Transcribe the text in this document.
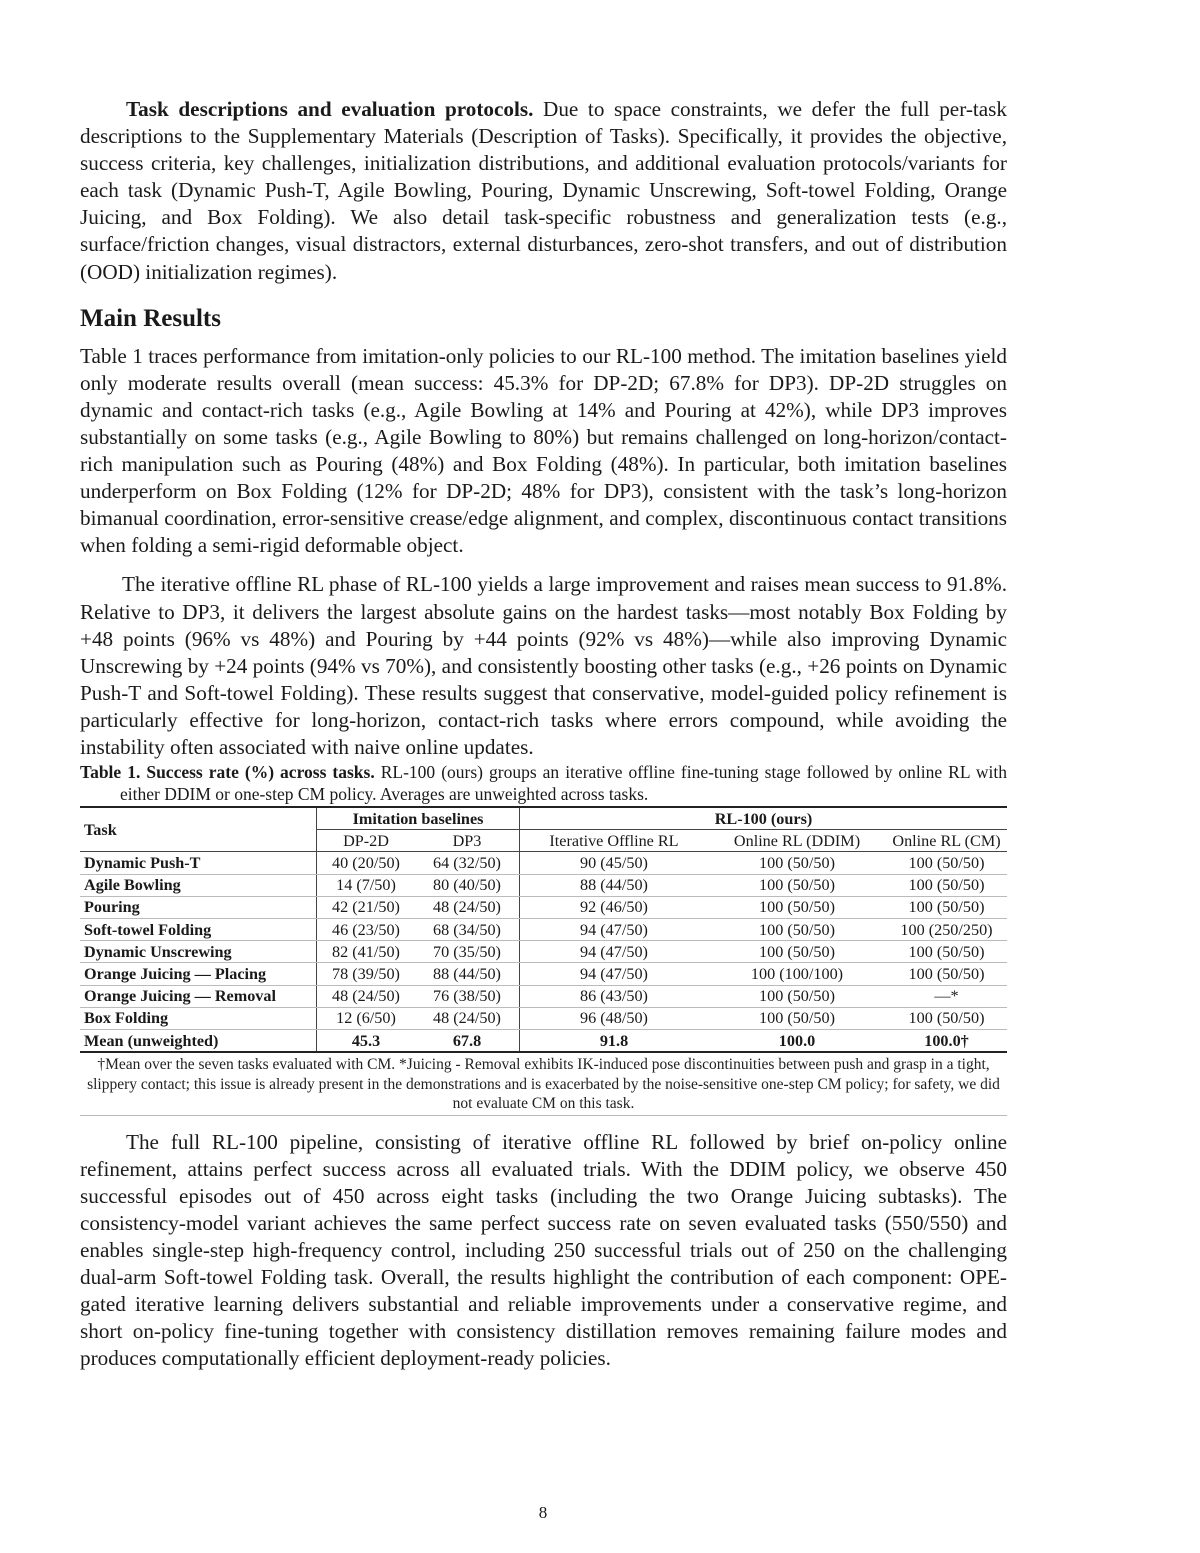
Task descriptions and evaluation protocols. Due to space constraints, we defer the full per-task descriptions to the Supplementary Materials (Description of Tasks). Specifically, it provides the objective, success criteria, key challenges, initialization distributions, and additional evaluation protocols/variants for each task (Dynamic Push-T, Agile Bowling, Pouring, Dynamic Unscrewing, Soft-towel Folding, Orange Juicing, and Box Folding). We also detail task-specific robustness and generalization tests (e.g., surface/friction changes, visual distractors, external disturbances, zero-shot transfers, and out of distribution (OOD) initialization regimes).

Main Results

Table 1 traces performance from imitation-only policies to our RL-100 method. The imitation baselines yield only moderate results overall (mean success: 45.3% for DP-2D; 67.8% for DP3). DP-2D struggles on dynamic and contact-rich tasks (e.g., Agile Bowling at 14% and Pouring at 42%), while DP3 improves substantially on some tasks (e.g., Agile Bowling to 80%) but remains challenged on long-horizon/contact-rich manipulation such as Pouring (48%) and Box Folding (48%). In particular, both imitation baselines underperform on Box Folding (12% for DP-2D; 48% for DP3), consistent with the task’s long-horizon bimanual coordination, error-sensitive crease/edge alignment, and complex, discontinuous contact transitions when folding a semi-rigid deformable object.

The iterative offline RL phase of RL-100 yields a large improvement and raises mean success to 91.8%. Relative to DP3, it delivers the largest absolute gains on the hardest tasks—most notably Box Folding by +48 points (96% vs 48%) and Pouring by +44 points (92% vs 48%)—while also improving Dynamic Unscrewing by +24 points (94% vs 70%), and consistently boosting other tasks (e.g., +26 points on Dynamic Push-T and Soft-towel Folding). These results suggest that conservative, model-guided policy refinement is particularly effective for long-horizon, contact-rich tasks where errors compound, while avoiding the instability often associated with naive online updates.

Table 1. Success rate (%) across tasks. RL-100 (ours) groups an iterative offline fine-tuning stage followed by online RL with either DDIM or one-step CM policy. Averages are unweighted across tasks.
Task	Imitation baselines		RL-100 (ours)		
	DP-2D	DP3	Iterative Offline RL	Online RL (DDIM)	Online RL (CM)
Dynamic Push-T	40 (20/50)	64 (32/50)	90 (45/50)	100 (50/50)	100 (50/50)
Agile Bowling	14 (7/50)	80 (40/50)	88 (44/50)	100 (50/50)	100 (50/50)
Pouring	42 (21/50)	48 (24/50)	92 (46/50)	100 (50/50)	100 (50/50)
Soft-towel Folding	46 (23/50)	68 (34/50)	94 (47/50)	100 (50/50)	100 (250/250)
Dynamic Unscrewing	82 (41/50)	70 (35/50)	94 (47/50)	100 (50/50)	100 (50/50)
Orange Juicing — Placing	78 (39/50)	88 (44/50)	94 (47/50)	100 (100/100)	100 (50/50)
Orange Juicing — Removal	48 (24/50)	76 (38/50)	86 (43/50)	100 (50/50)	—*
Box Folding	12 (6/50)	48 (24/50)	96 (48/50)	100 (50/50)	100 (50/50)
Mean (unweighted)	45.3	67.8	91.8	100.0	100.0†
†Mean over the seven tasks evaluated with CM. *Juicing - Removal exhibits IK-induced pose discontinuities between push and grasp in a tight, slippery contact; this issue is already present in the demonstrations and is exacerbated by the noise-sensitive one-step CM policy; for safety, we did not evaluate CM on this task.

The full RL-100 pipeline, consisting of iterative offline RL followed by brief on-policy online refinement, attains perfect success across all evaluated trials. With the DDIM policy, we observe 450 successful episodes out of 450 across eight tasks (including the two Orange Juicing subtasks). The consistency-model variant achieves the same perfect success rate on seven evaluated tasks (550/550) and enables single-step high-frequency control, including 250 successful trials out of 250 on the challenging dual-arm Soft-towel Folding task. Overall, the results highlight the contribution of each component: OPE-gated iterative learning delivers substantial and reliable improvements under a conservative regime, and short on-policy fine-tuning together with consistency distillation removes remaining failure modes and produces computationally efficient deployment-ready policies.

8
